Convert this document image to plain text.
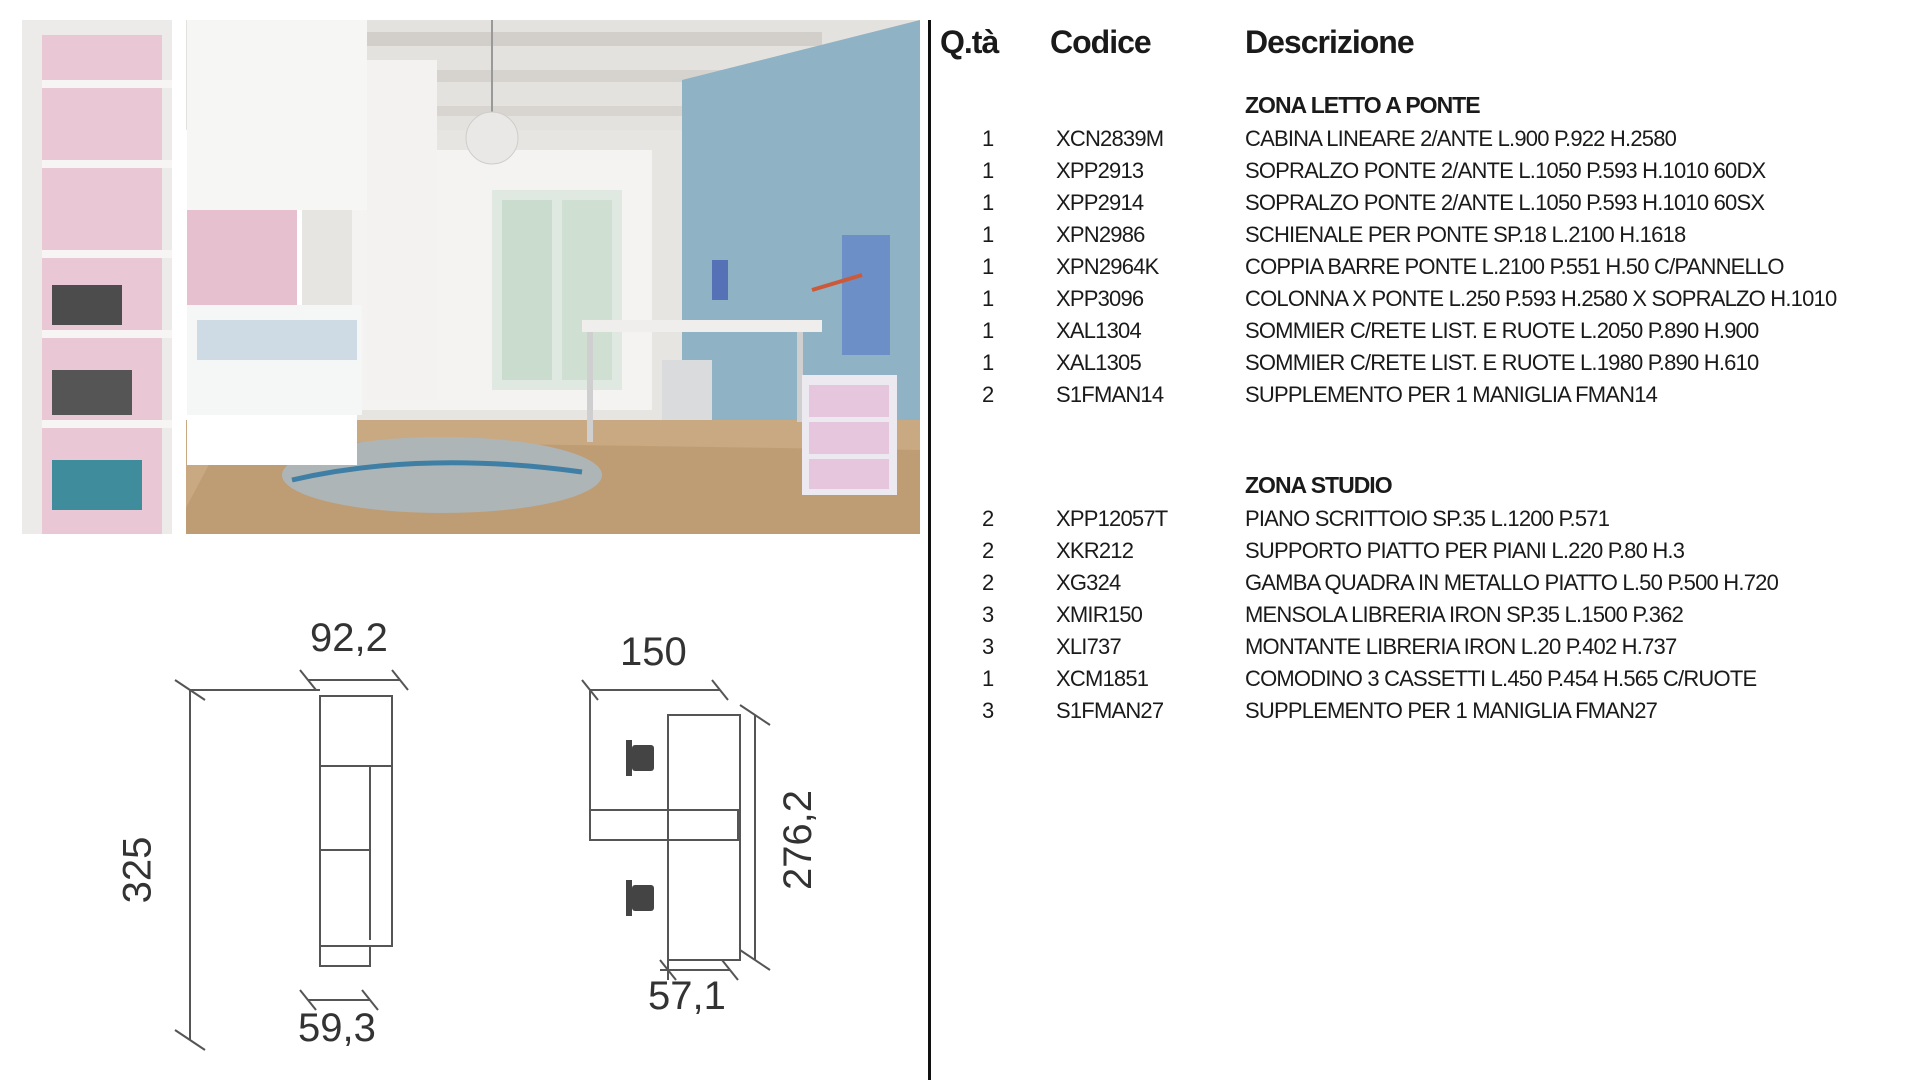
92,2
325
59,3
150
276,2
57,1
Q.tà Codice	Descrizione
ZONA LETTO A PONTE
1	XCN2839M	CABINA LINEARE 2/ANTE L.900 P.922 H.2580
1	XPP2913	SOPRALZO PONTE 2/ANTE L.1050 P.593 H.1010 60DX
1	XPP2914	SOPRALZO PONTE 2/ANTE L.1050 P.593 H.1010 60SX
1	XPN2986	SCHIENALE PER PONTE SP.18 L.2100 H.1618
1	XPN2964K	COPPIA BARRE PONTE L.2100 P.551 H.50 C/PANNELLO
1	XPP3096	COLONNA X PONTE L.250 P.593 H.2580 X SOPRALZO H.1010
1	XAL1304	SOMMIER C/RETE LIST. E RUOTE L.2050 P.890 H.900
1	XAL1305	SOMMIER C/RETE LIST. E RUOTE L.1980 P.890 H.610
2	S1FMAN14	SUPPLEMENTO PER 1 MANIGLIA FMAN14
ZONA STUDIO
2	XPP12057T	PIANO SCRITTOIO SP.35 L.1200 P.571
2	XKR212	SUPPORTO PIATTO PER PIANI L.220 P.80 H.3
2	XG324	GAMBA QUADRA IN METALLO PIATTO L.50 P.500 H.720
3	XMIR150	MENSOLA LIBRERIA IRON SP.35 L.1500 P.362
3	XLI737	MONTANTE LIBRERIA IRON L.20 P.402 H.737
1	XCM1851	COMODINO 3 CASSETTI L.450 P.454 H.565 C/RUOTE
3	S1FMAN27	SUPPLEMENTO PER 1 MANIGLIA FMAN27
